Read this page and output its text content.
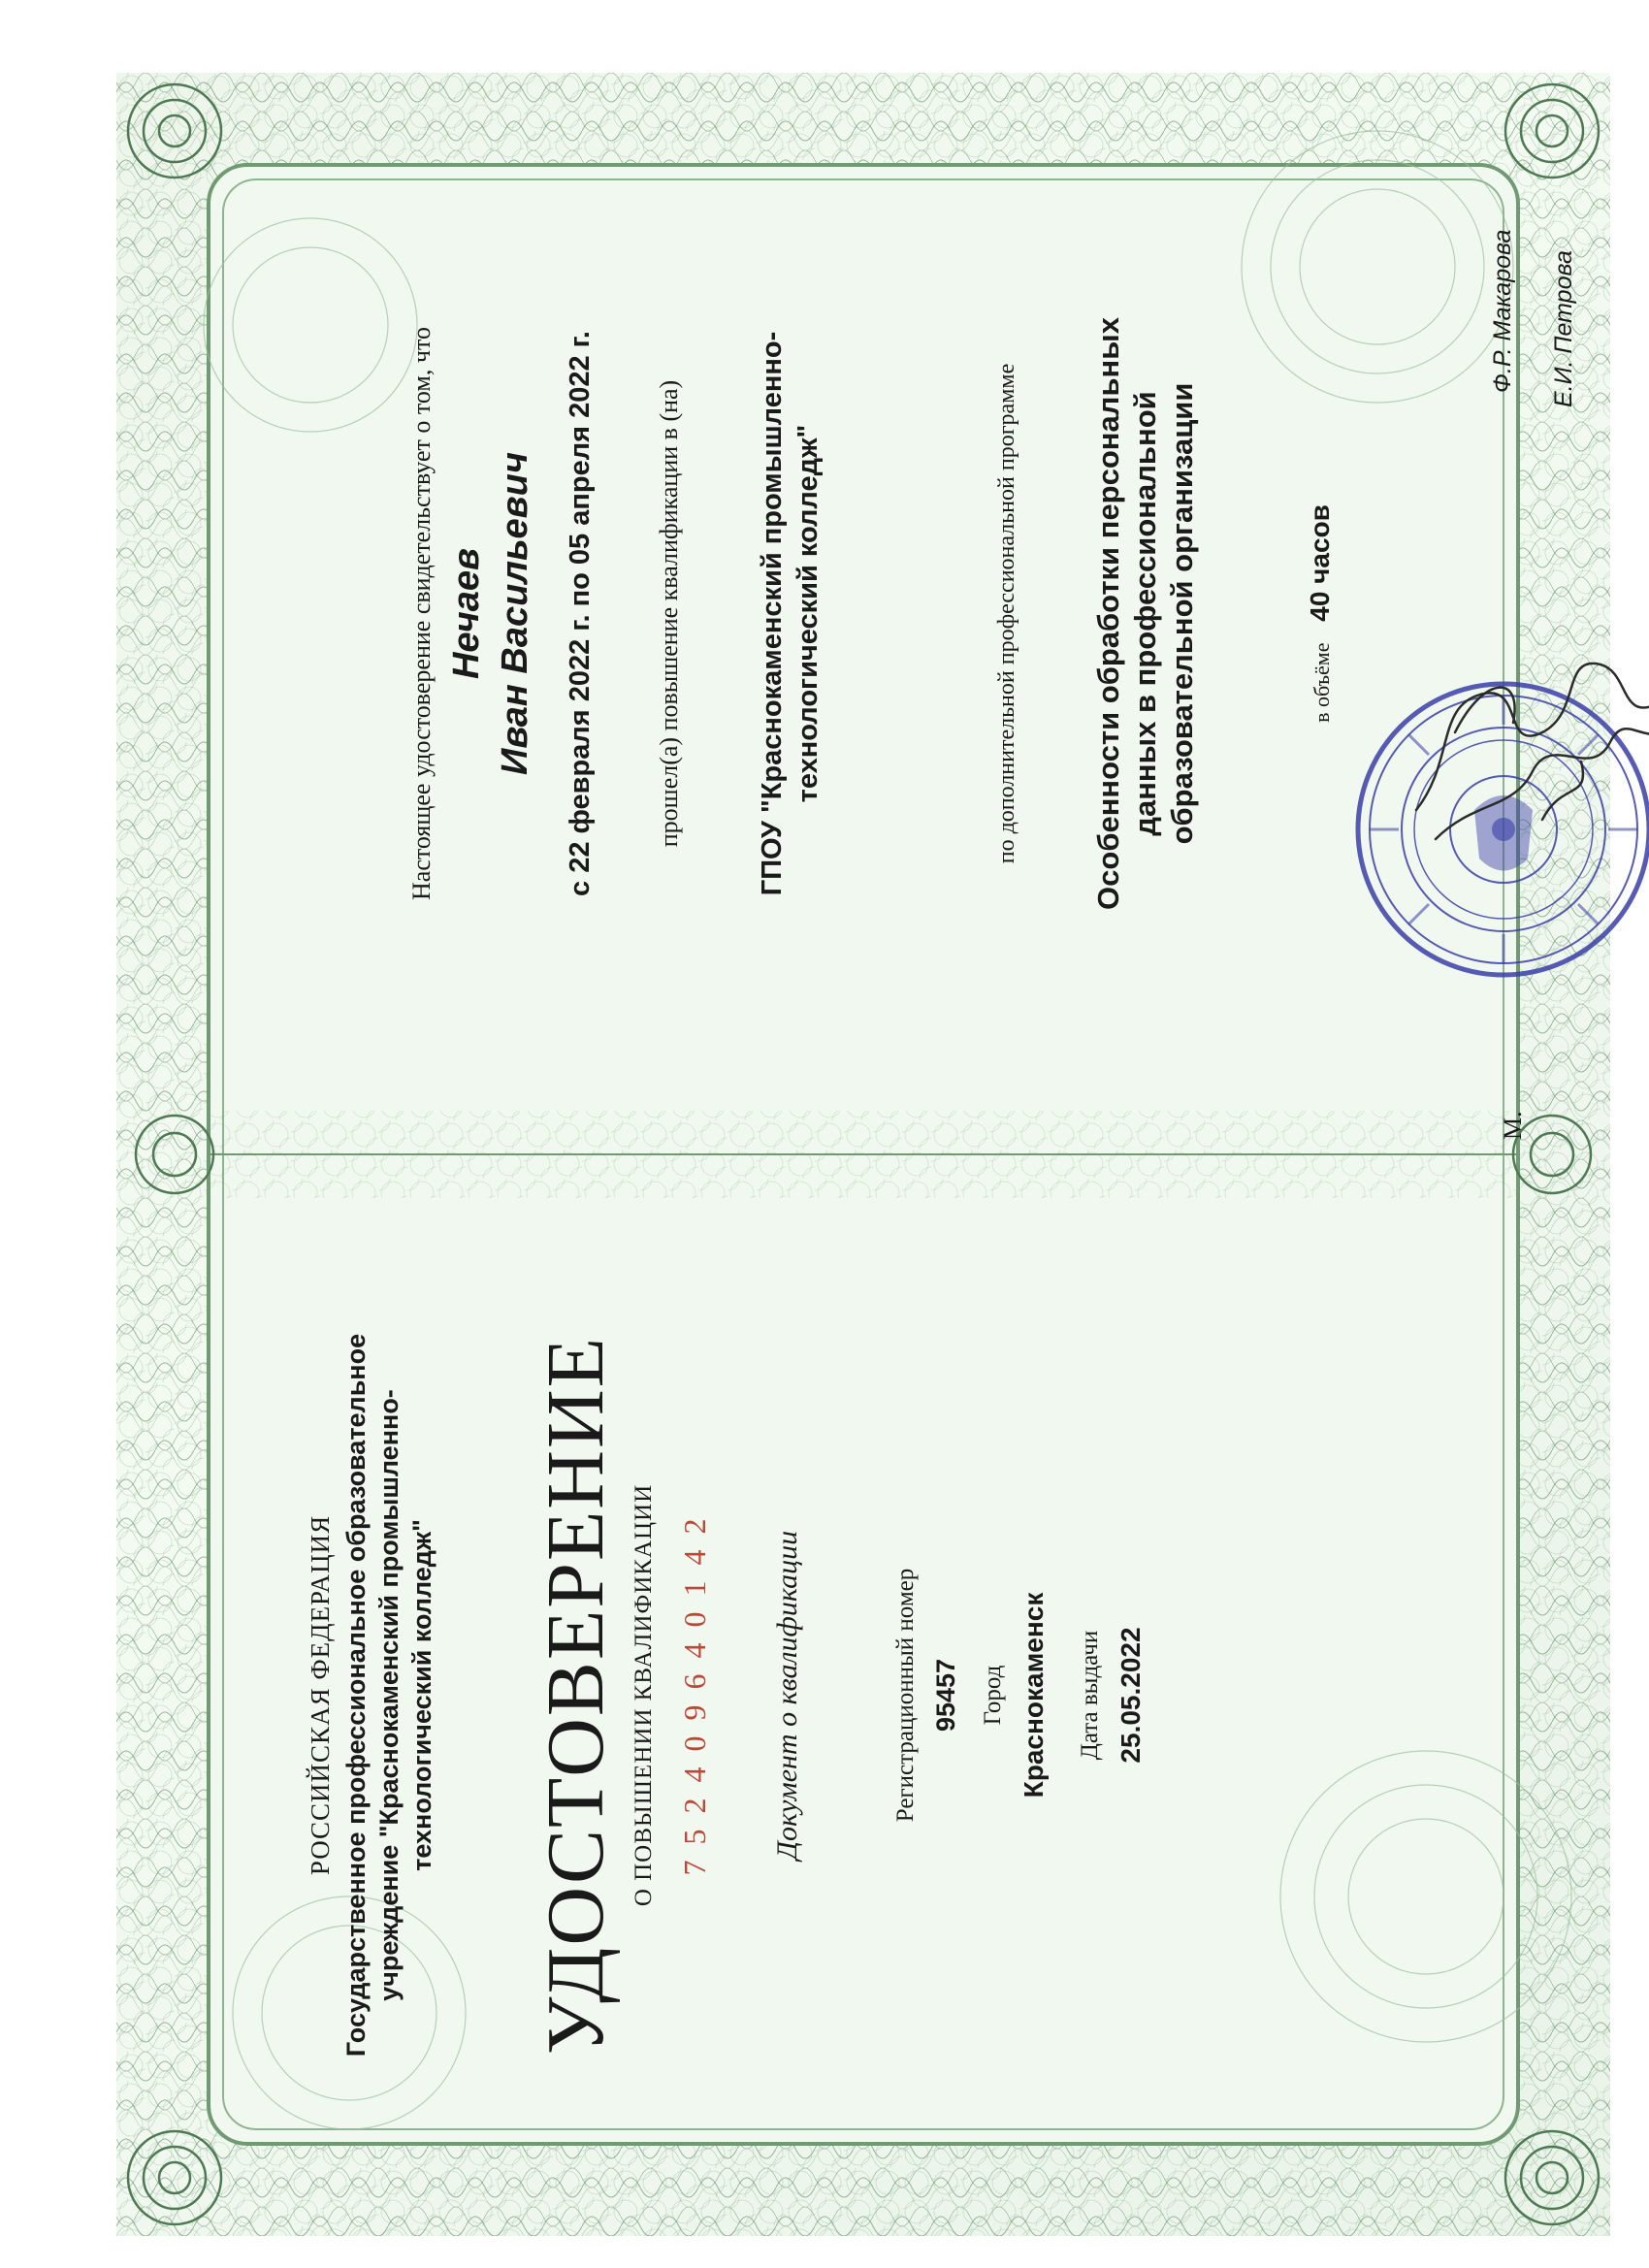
РОССИЙСКАЯ ФЕДЕРАЦИЯ Государственное профессиональное образовательное учреждение "Краснокаменский промышленно- технологический колледж" УДОСТОВЕРЕНИЕ О ПОВЫШЕНИИ КВАЛИФИКАЦИИ 7 5 2 4 0 9 6 4 0 1 4 2 Документ о квалификации	Регистрационный номер 95457 Город Краснокаменск Дата выдачи 25.05.2022
Настоящее удостоверение свидетельствует о том, что Нечаев Иван Васильевич с 22 февраля 2022 г. по 05 апреля 2022 г. прошел(а) повышение квалификации в (на)	ГПОУ "Краснокаменский промышленно- технологический колледж"	по дополнительной профессиональной программе Особенности обработки персональных данных в профессиональной образовательной организации	в объёме 40 часов
М.
Ф.Р. Макарова Е.И. Петрова
